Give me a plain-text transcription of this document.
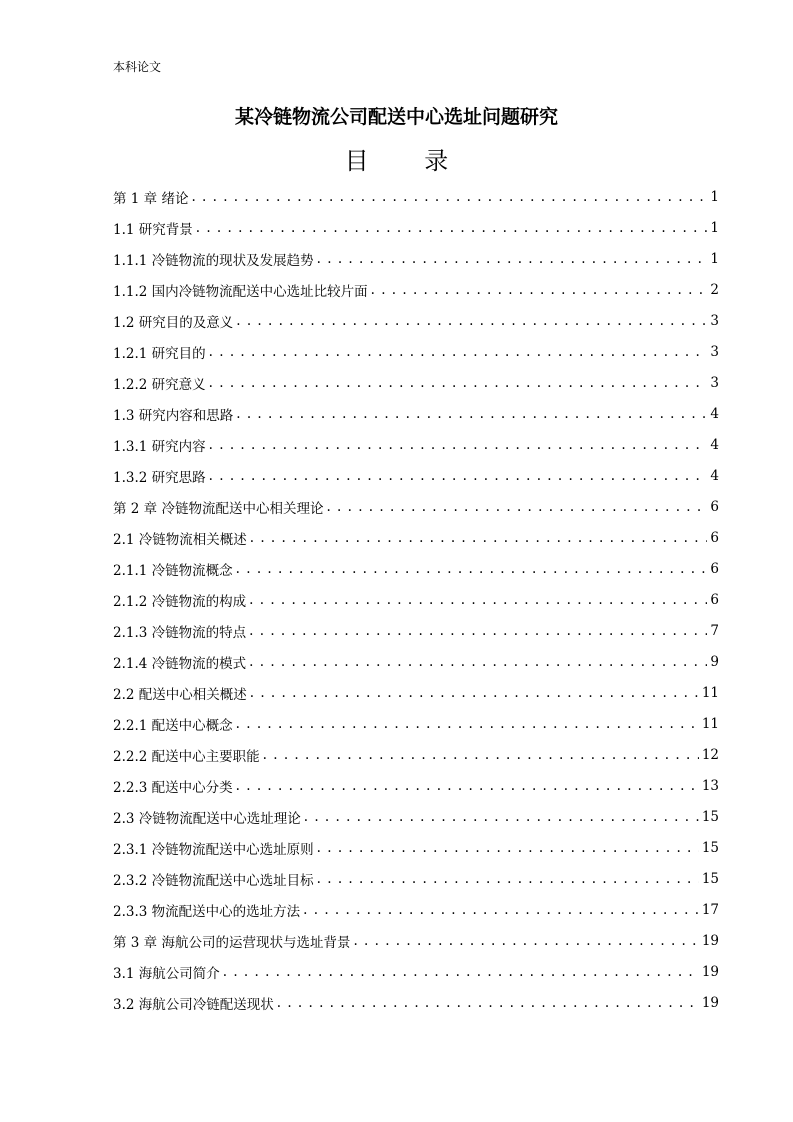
本科论文
某冷链物流公司配送中心选址问题研究
目 录
第 1 章 绪论 . . .	1
1.1 研究背景 . . .	1
1.1.1 冷链物流的现状及发展趋势 . . .	1
1.1.2 国内冷链物流配送中心选址比较片面 . . .	2
1.2 研究目的及意义 . . .	3
1.2.1 研究目的 . . .	3
1.2.2 研究意义 . . .	3
1.3 研究内容和思路 . . .	4
1.3.1 研究内容 . . .	4
1.3.2 研究思路 . . .	4
第 2 章 冷链物流配送中心相关理论 . . .	6
2.1 冷链物流相关概述 . . .	6
2.1.1 冷链物流概念 . . .	6
2.1.2 冷链物流的构成 . . .	6
2.1.3 冷链物流的特点 . . .	7
2.1.4 冷链物流的模式 . . .	9
2.2 配送中心相关概述 . . .	11
2.2.1 配送中心概念 . . .	11
2.2.2 配送中心主要职能 . . .	12
2.2.3 配送中心分类 . . .	13
2.3 冷链物流配送中心选址理论 . . .	15
2.3.1 冷链物流配送中心选址原则 . . .	15
2.3.2 冷链物流配送中心选址目标 . . .	15
2.3.3 物流配送中心的选址方法 . . .	17
第 3 章 海航公司的运营现状与选址背景 . . .	19
3.1 海航公司简介 . . .	19
3.2 海航公司冷链配送现状 . . .	19
